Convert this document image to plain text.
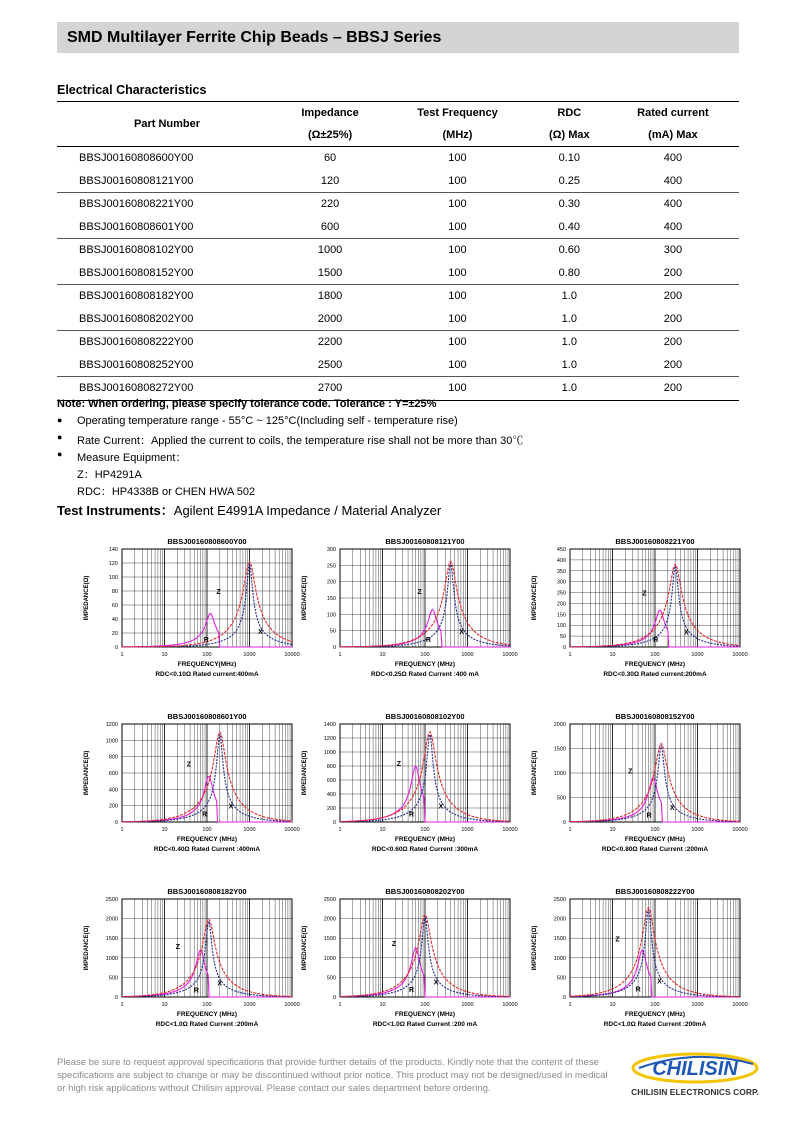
SMD Multilayer Ferrite Chip Beads – BBSJ Series
Electrical Characteristics
Part Number	Impedance	Test Frequency	RDC	Rated current
	(Ω±25%)	(MHz)	(Ω) Max	(mA) Max
BBSJ00160808600Y00	60	100	0.10	400
BBSJ00160808121Y00	120	100	0.25	400
BBSJ00160808221Y00	220	100	0.30	400
BBSJ00160808601Y00	600	100	0.40	400
BBSJ00160808102Y00	1000	100	0.60	300
BBSJ00160808152Y00	1500	100	0.80	200
BBSJ00160808182Y00	1800	100	1.0	200
BBSJ00160808202Y00	2000	100	1.0	200
BBSJ00160808222Y00	2200	100	1.0	200
BBSJ00160808252Y00	2500	100	1.0	200
BBSJ00160808272Y00	2700	100	1.0	200
Note: When ordering, please specify tolerance code. Tolerance : Y=±25%
● Operating temperature range - 55°C ~ 125°C(Including self - temperature rise)
● Rate Current：Applied the current to coils, the temperature rise shall not be more than 30℃
● Measure Equipment：
Z：HP4291A
RDC：HP4338B or CHEN HWA 502
Test Instruments：Agilent E4991A Impedance / Material Analyzer
BBSJ00160808600Y00
0
20
40
60
80
100
120
140
1	10	100	1000	10000
IMPEDANCE(Ω)
FREQUENCY(MHz)
RDC<0.10Ω Rated current:400mA
Z
X
R
BBSJ00160808121Y00
0
50
100
150
200
250
300
1	10	100	1000	10000
IMPEDANCE(Ω)
FREQUENCY (MHz)
RDC<0.25Ω Rated Current :400 mA
Z
X
R
BBSJ00160808221Y00
0
50
100
150
200
250
300
350
400
450
1	10	100	1000	10000
IMPEDANCE(Ω)
FREQUENCY (MHz)
RDC<0.30Ω Rated current:200mA
Z
X
R
BBSJ00160808601Y00
0
200
400
600
800
1000
1200
1	10	100	1000	10000
IMPEDANCE(Ω)
FREQUENCY (MHz)
RDC<0.40Ω Rated Current :400mA
Z
X
R
BBSJ00160808102Y00
0
200
400
600
800
1000
1200
1400
1	10	100	1000	10000
IMPEDANCE(Ω)
FREQUENCY (MHz)
RDC<0.60Ω Rated Current :300mA
Z
X
R
BBSJ00160808152Y00
0
500
1000
1500
2000
1	10	100	1000	10000
IMPEDANCE(Ω)
FREQUENCY (MHz)
RDC<0.80Ω Rated Current :200mA
Z
X
R
BBSJ00160808182Y00
0
500
1000
1500
2000
2500
1	10	100	1000	10000
IMPEDANCE(Ω)
FREQUENCY (MHz)
RDC<1.0Ω Rated Current :200mA
Z
X
R
BBSJ00160808202Y00
0
500
1000
1500
2000
2500
1	10	100	1000	10000
IMPEDANCE(Ω)
FREQUENCY (MHz)
RDC<1.0Ω Rated Current :200 mA
Z
X
R
BBSJ00160808222Y00
0
500
1000
1500
2000
2500
1	10	100	1000	10000
IMPEDANCE(Ω)
FREQUENCY (MHz)
RDC<1.0Ω Rated Current :200mA
Z
X
R
Please be sure to request approval specifications that provide further details of the products. Kindly note that the content of these specifications are subject to change or may be discontinued without prior notice. This product may not be designed/used in medical or high risk applications without Chilisin approval. Please contact our sales department before ordering.
CHILISIN
CHILISIN ELECTRONICS CORP.
